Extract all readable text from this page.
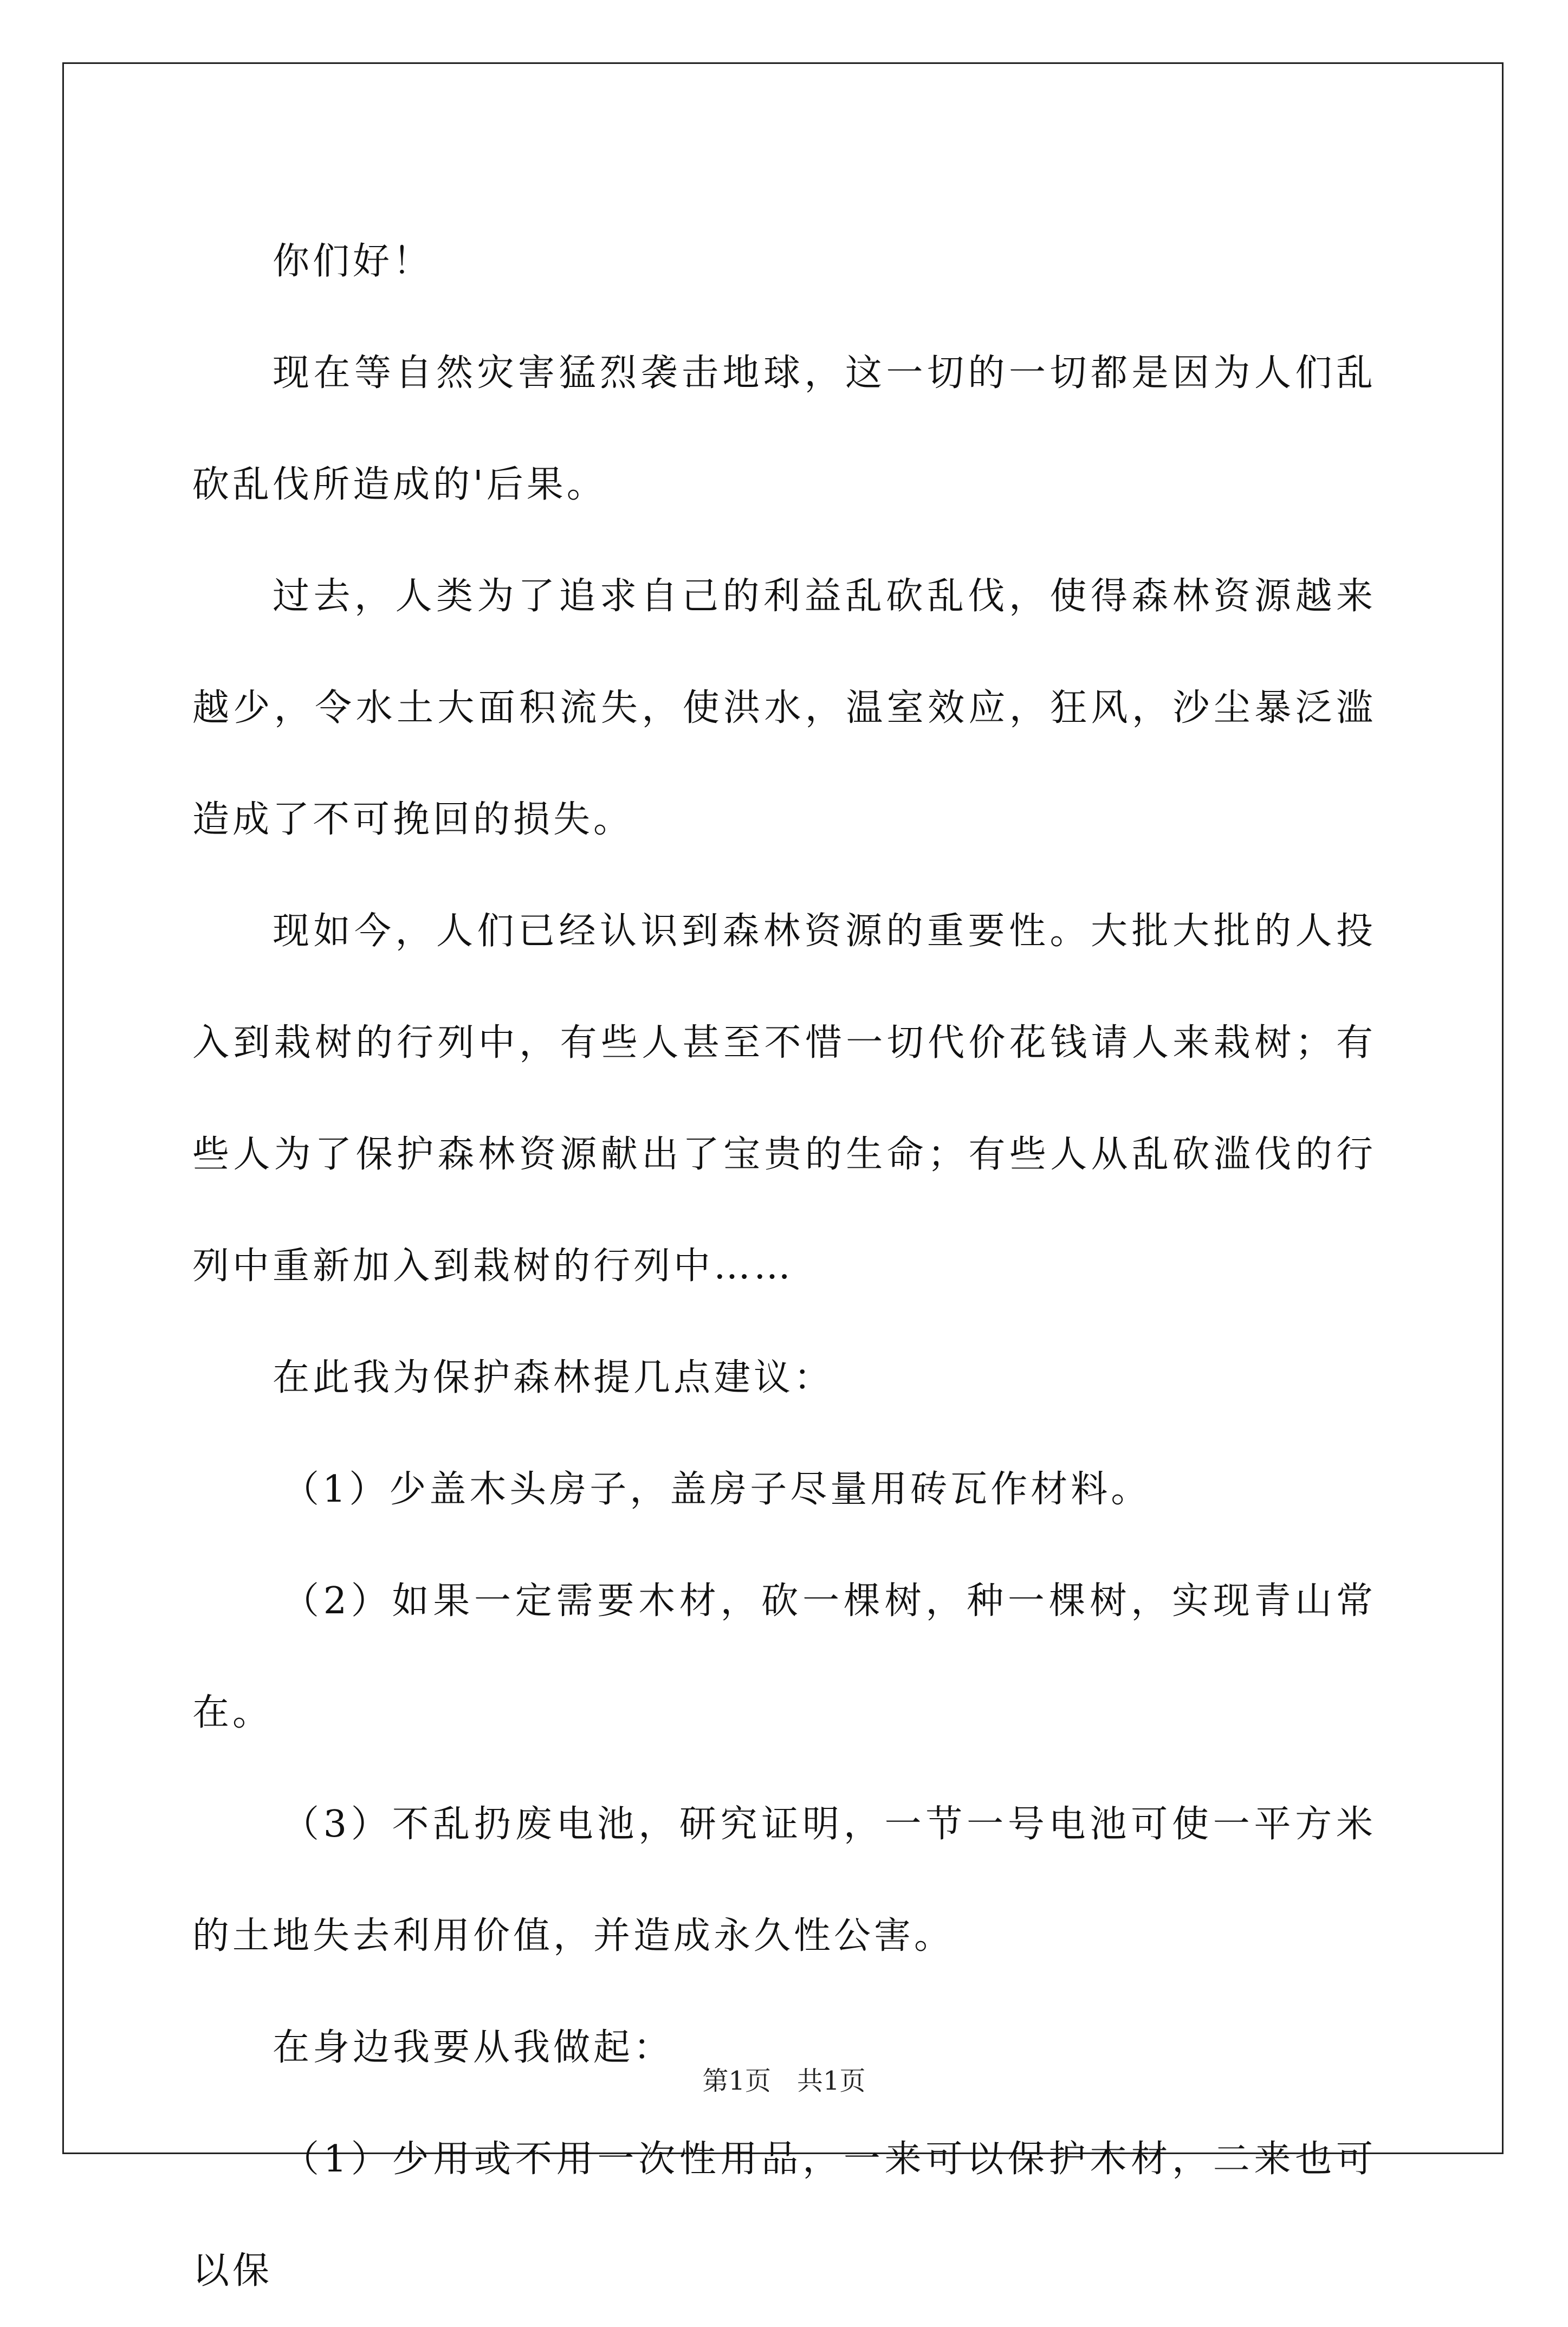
你们好！

现在等自然灾害猛烈袭击地球，这一切的一切都是因为人们乱砍乱伐所造成的'后果。

过去，人类为了追求自己的利益乱砍乱伐，使得森林资源越来越少，令水土大面积流失，使洪水，温室效应，狂风，沙尘暴泛滥造成了不可挽回的损失。

现如今，人们已经认识到森林资源的重要性。大批大批的人投入到栽树的行列中，有些人甚至不惜一切代价花钱请人来栽树；有些人为了保护森林资源献出了宝贵的生命；有些人从乱砍滥伐的行列中重新加入到栽树的行列中……

在此我为保护森林提几点建议：

（1）少盖木头房子，盖房子尽量用砖瓦作材料。

（2）如果一定需要木材，砍一棵树，种一棵树，实现青山常在。

（3）不乱扔废电池，研究证明，一节一号电池可使一平方米的土地失去利用价值，并造成永久性公害。

在身边我要从我做起：

（1）少用或不用一次性用品，一来可以保护木材，二来也可以保

第1页　共1页
